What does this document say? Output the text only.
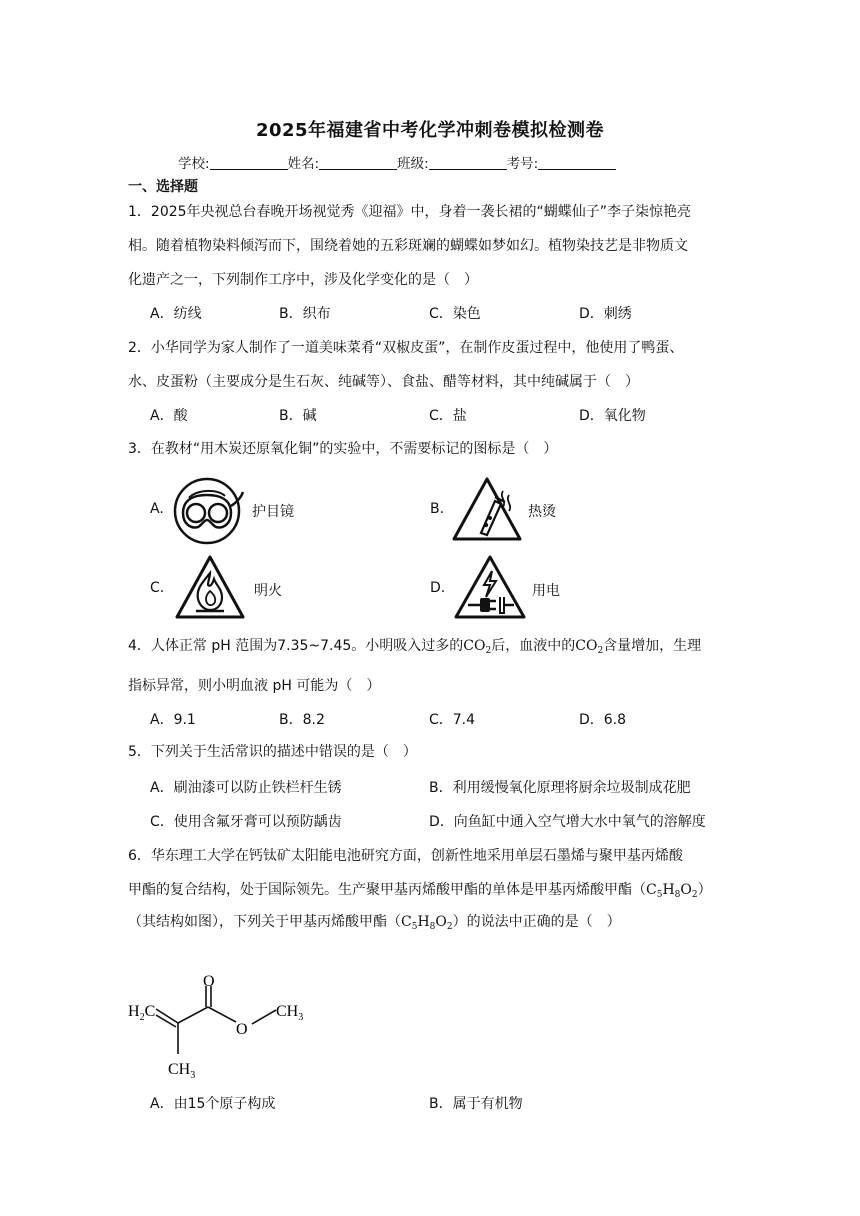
2025年福建省中考化学冲刺卷模拟检测卷
学校:	姓名:	班级:	考号:
一、选择题
1．2025年央视总台春晚开场视觉秀《迎福》中，身着一袭长裙的“蝴蝶仙子”李子柒惊艳亮
相。随着植物染料倾泻而下，围绕着她的五彩斑斓的蝴蝶如梦如幻。植物染技艺是非物质文
化遗产之一，下列制作工序中，涉及化学变化的是（　）
A．纺线	B．织布	C．染色	D．刺绣
2．小华同学为家人制作了一道美味菜肴“双椒皮蛋”，在制作皮蛋过程中，他使用了鸭蛋、
水、皮蛋粉（主要成分是生石灰、纯碱等）、食盐、醋等材料，其中纯碱属于（　）
A．酸	B．碱	C．盐	D．氧化物
3．在教材“用木炭还原氧化铜”的实验中，不需要标记的图标是（　）
A.	护目镜	B.	热烫
C.	明火	D.	用电
4．人体正常 pH 范围为7.35~7.45。小明吸入过多的$CO_2$后，血液中的$CO_2$含量增加，生理
指标异常，则小明血液 pH 可能为（　）
A．9.1	B．8.2	C．7.4	D．6.8
5．下列关于生活常识的描述中错误的是（　）
A．刷油漆可以防止铁栏杆生锈	B．利用缓慢氧化原理将厨余垃圾制成花肥
C．使用含氟牙膏可以预防龋齿	D．向鱼缸中通入空气增大水中氧气的溶解度
6．华东理工大学在钙钛矿太阳能电池研究方面，创新性地采用单层石墨烯与聚甲基丙烯酸
甲酯的复合结构，处于国际领先。生产聚甲基丙烯酸甲酯的单体是甲基丙烯酸甲酯$(C_5H_8O_2)$
（其结构如图），下列关于甲基丙烯酸甲酯$(C_5H_8O_2)$的说法中正确的是（　）
$H_2C$
O
O
$CH_3$
$CH_3$
A．由15个原子构成	B．属于有机物
